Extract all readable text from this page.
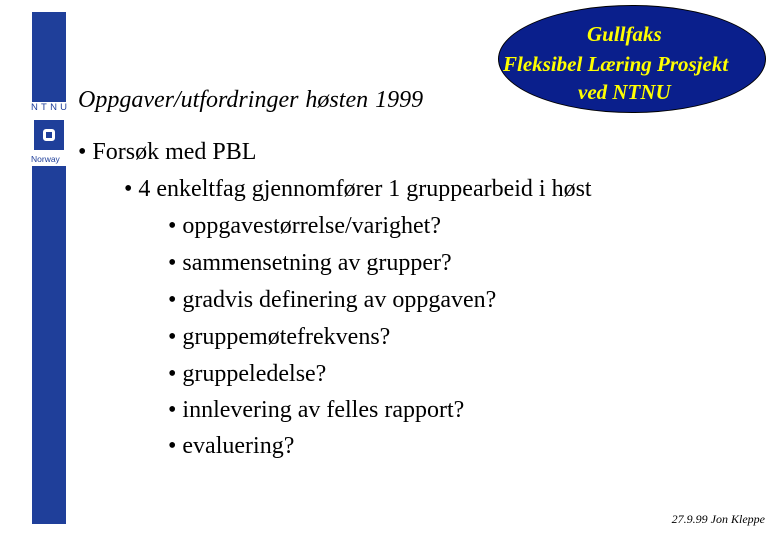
NTNU
Norway
Gullfaks
Fleksibel Læring Prosjekt
ved NTNU
Oppgaver/utfordringer høsten 1999
• Forsøk med PBL
• 4 enkeltfag gjennomfører 1 gruppearbeid i høst
• oppgavestørrelse/varighet?
• sammensetning av grupper?
• gradvis definering av oppgaven?
• gruppemøtefrekvens?
• gruppeledelse?
• innlevering av felles rapport?
• evaluering?
27.9.99 Jon Kleppe
